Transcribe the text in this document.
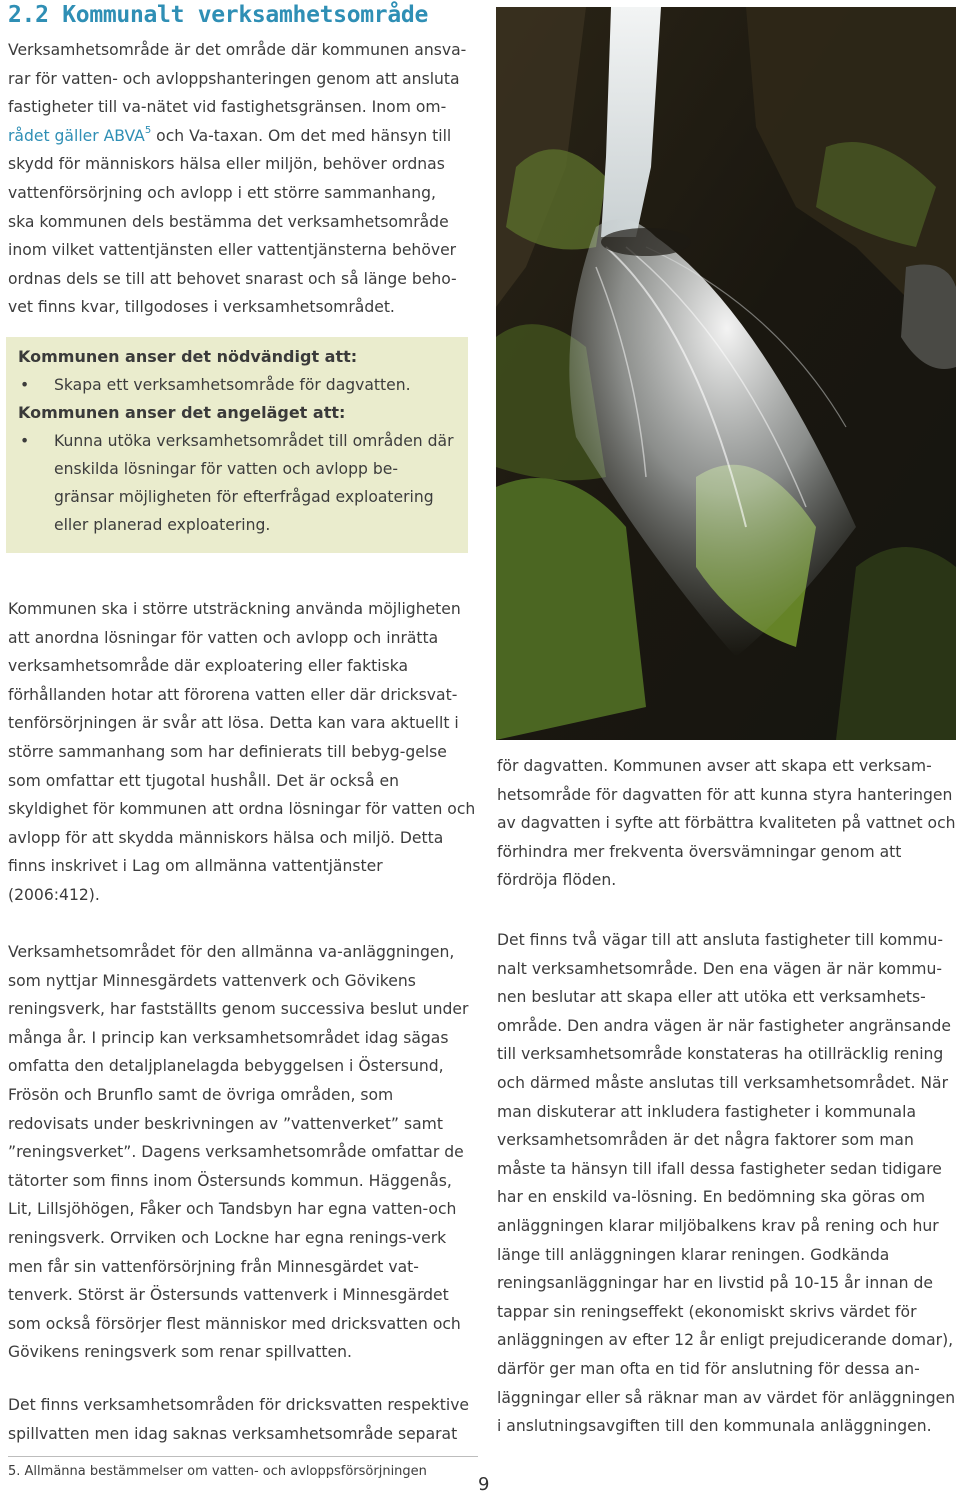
2.2 Kommunalt verksamhetsområde
Verksamhetsområde är det område där kommunen ansva-
rar för vatten- och avloppshanteringen genom att ansluta
fastigheter till va-nätet vid fastighetsgränsen. Inom om-
rådet gäller ABVA$^5$ och Va-taxan. Om det med hänsyn till
skydd för människors hälsa eller miljön, behöver ordnas
vattenförsörjning och avlopp i ett större sammanhang,
ska kommunen dels bestämma det verksamhetsområde
inom vilket vattentjänsten eller vattentjänsterna behöver
ordnas dels se till att behovet snarast och så länge beho-
vet finns kvar, tillgodoses i verksamhetsområdet.

Kommunen anser det nödvändigt att:

• Skapa ett verksamhetsområde för dagvatten.

Kommunen anser det angeläget att:

• Kunna utöka verksamhetsområdet till områden där enskilda lösningar för vatten och avlopp be-gränsar möjligheten för efterfrågad exploatering eller planerad exploatering.
Kommunen ska i större utsträckning använda möjligheten att anordna lösningar för vatten och avlopp och inrätta verksamhetsområde där exploatering eller faktiska förhållanden hotar att förorena vatten eller där dricksvat-tenförsörjningen är svår att lösa. Detta kan vara aktuellt i större sammanhang som har definierats till bebyg-gelse som omfattar ett tjugotal hushåll. Det är också en skyldighet för kommunen att ordna lösningar för vatten och avlopp för att skydda människors hälsa och miljö. Detta finns inskrivet i Lag om allmänna vattentjänster (2006:412).
Verksamhetsområdet för den allmänna va-anläggningen, som nyttjar Minnesgärdets vattenverk och Gövikens reningsverk, har fastställts genom successiva beslut under många år. I princip kan verksamhetsområdet idag sägas omfatta den detaljplanelagda bebyggelsen i Östersund, Frösön och Brunflo samt de övriga områden, som redovisats under beskrivningen av ”vattenverket” samt ”reningsverket”. Dagens verksamhetsområde omfattar de tätorter som finns inom Östersunds kommun. Häggenås, Lit, Lillsjöhögen, Fåker och Tandsbyn har egna vatten-och reningsverk. Orrviken och Lockne har egna renings-verk men får sin vattenförsörjning från Minnesgärdet vat-tenverk. Störst är Östersunds vattenverk i Minnesgärdet som också försörjer flest människor med dricksvatten och Gövikens reningsverk som renar spillvatten.
Det finns verksamhetsområden för dricksvatten respektive spillvatten men idag saknas verksamhetsområde separat
för dagvatten. Kommunen avser att skapa ett verksam-hetsområde för dagvatten för att kunna styra hanteringen av dagvatten i syfte att förbättra kvaliteten på vattnet och förhindra mer frekventa översvämningar genom att fördröja flöden.
Det finns två vägar till att ansluta fastigheter till kommu-nalt verksamhetsområde. Den ena vägen är när kommu-nen beslutar att skapa eller att utöka ett verksamhets-område. Den andra vägen är när fastigheter angränsande till verksamhetsområde konstateras ha otillräcklig rening och därmed måste anslutas till verksamhetsområdet. När man diskuterar att inkludera fastigheter i kommunala verksamhetsområden är det några faktorer som man måste ta hänsyn till ifall dessa fastigheter sedan tidigare har en enskild va-lösning. En bedömning ska göras om anläggningen klarar miljöbalkens krav på rening och hur länge till anläggningen klarar reningen. Godkända reningsanläggningar har en livstid på 10-15 år innan de tappar sin reningseffekt (ekonomiskt skrivs värdet för anläggningen av efter 12 år enligt prejudicerande domar), därför ger man ofta en tid för anslutning för dessa an-läggningar eller så räknar man av värdet för anläggningen i anslutningsavgiften till den kommunala anläggningen.

5. Allmänna bestämmelser om vatten- och avloppsförsörjningen

9
